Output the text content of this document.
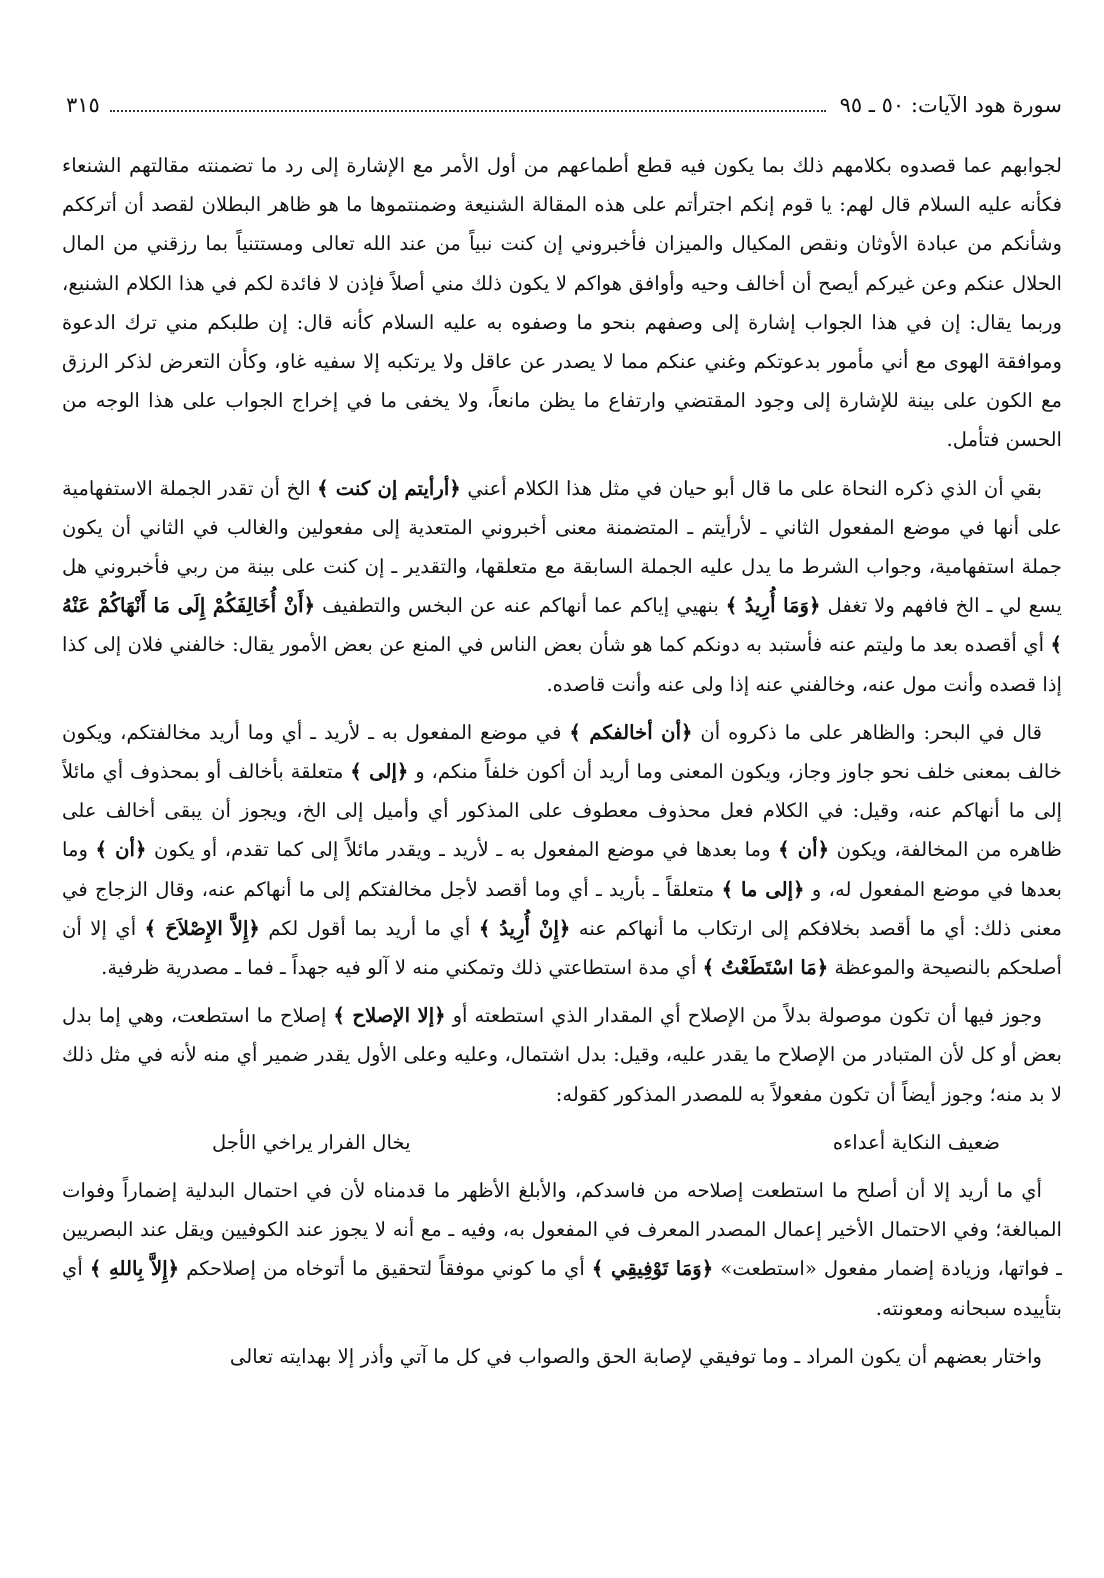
سورة هود الآيات: ٥٠ ـ ٩٥
٣١٥

لجوابهم عما قصدوه بكلامهم ذلك بما يكون فيه قطع أطماعهم من أول الأمر مع الإشارة إلى رد ما تضمنته مقالتهم الشنعاء فكأنه عليه السلام قال لهم: يا قوم إنكم اجترأتم على هذه المقالة الشنيعة وضمنتموها ما هو ظاهر البطلان لقصد أن أترككم وشأنكم من عبادة الأوثان ونقص المكيال والميزان فأخبروني إن كنت نبياً من عند الله تعالى ومستتنياً بما رزقني من المال الحلال عنكم وعن غيركم أيصح أن أخالف وحيه وأوافق هواكم لا يكون ذلك مني أصلاً فإذن لا فائدة لكم في هذا الكلام الشنيع، وربما يقال: إن في هذا الجواب إشارة إلى وصفهم بنحو ما وصفوه به عليه السلام كأنه قال: إن طلبكم مني ترك الدعوة وموافقة الهوى مع أني مأمور بدعوتكم وغني عنكم مما لا يصدر عن عاقل ولا يرتكبه إلا سفيه غاو، وكأن التعرض لذكر الرزق مع الكون على بينة للإشارة إلى وجود المقتضي وارتفاع ما يظن مانعاً، ولا يخفى ما في إخراج الجواب على هذا الوجه من الحسن فتأمل.

بقي أن الذي ذكره النحاة على ما قال أبو حيان في مثل هذا الكلام أعني ﴿أرأيتم إن كنت ﴾ الخ أن تقدر الجملة الاستفهامية على أنها في موضع المفعول الثاني ـ لأرأيتم ـ المتضمنة معنى أخبروني المتعدية إلى مفعولين والغالب في الثاني أن يكون جملة استفهامية، وجواب الشرط ما يدل عليه الجملة السابقة مع متعلقها، والتقدير ـ إن كنت على بينة من ربي فأخبروني هل يسع لي ـ الخ فافهم ولا تغفل ﴿وَمَا أُرِيدُ ﴾ بنهيي إياكم عما أنهاكم عنه عن البخس والتطفيف ﴿أَنْ أُخَالِفَكُمْ إِلَى مَا أَنْهَاكُمْ عَنْهُ ﴾ أي أقصده بعد ما وليتم عنه فأستبد به دونكم كما هو شأن بعض الناس في المنع عن بعض الأمور يقال: خالفني فلان إلى كذا إذا قصده وأنت مول عنه، وخالفني عنه إذا ولى عنه وأنت قاصده.

قال في البحر: والظاهر على ما ذكروه أن ﴿أن أخالفكم ﴾ في موضع المفعول به ـ لأريد ـ أي وما أريد مخالفتكم، ويكون خالف بمعنى خلف نحو جاوز وجاز، ويكون المعنى وما أريد أن أكون خلفاً منكم، و ﴿إلى ﴾ متعلقة بأخالف أو بمحذوف أي مائلاً إلى ما أنهاكم عنه، وقيل: في الكلام فعل محذوف معطوف على المذكور أي وأميل إلى الخ، ويجوز أن يبقى أخالف على ظاهره من المخالفة، ويكون ﴿أن ﴾ وما بعدها في موضع المفعول به ـ لأريد ـ ويقدر مائلاً إلى كما تقدم، أو يكون ﴿أن ﴾ وما بعدها في موضع المفعول له، و ﴿إلى ما ﴾ متعلقاً ـ بأريد ـ أي وما أقصد لأجل مخالفتكم إلى ما أنهاكم عنه، وقال الزجاج في معنى ذلك: أي ما أقصد بخلافكم إلى ارتكاب ما أنهاكم عنه ﴿إِنْ أُرِيدُ ﴾ أي ما أريد بما أقول لكم ﴿إِلاَّ الإِصْلاَحَ ﴾ أي إلا أن أصلحكم بالنصيحة والموعظة ﴿مَا اسْتَطَعْتُ ﴾ أي مدة استطاعتي ذلك وتمكني منه لا آلو فيه جهداً ـ فما ـ مصدرية ظرفية.

وجوز فيها أن تكون موصولة بدلاً من الإصلاح أي المقدار الذي استطعته أو ﴿إلا الإصلاح ﴾ إصلاح ما استطعت، وهي إما بدل بعض أو كل لأن المتبادر من الإصلاح ما يقدر عليه، وقيل: بدل اشتمال، وعليه وعلى الأول يقدر ضمير أي منه لأنه في مثل ذلك لا بد منه؛ وجوز أيضاً أن تكون مفعولاً به للمصدر المذكور كقوله:

ضعيف النكاية أعداءه
يخال الفرار يراخي الأجل

أي ما أريد إلا أن أصلح ما استطعت إصلاحه من فاسدكم، والأبلغ الأظهر ما قدمناه لأن في احتمال البدلية إضماراً وفوات المبالغة؛ وفي الاحتمال الأخير إعمال المصدر المعرف في المفعول به، وفيه ـ مع أنه لا يجوز عند الكوفيين ويقل عند البصريين ـ فواتها، وزيادة إضمار مفعول «استطعت» ﴿وَمَا تَوْفِيقِي ﴾ أي ما كوني موفقاً لتحقيق ما أتوخاه من إصلاحكم ﴿إِلاَّ بِاللهِ ﴾ أي بتأييده سبحانه ومعونته.

واختار بعضهم أن يكون المراد ـ وما توفيقي لإصابة الحق والصواب في كل ما آتي وأذر إلا بهدايته تعالى
